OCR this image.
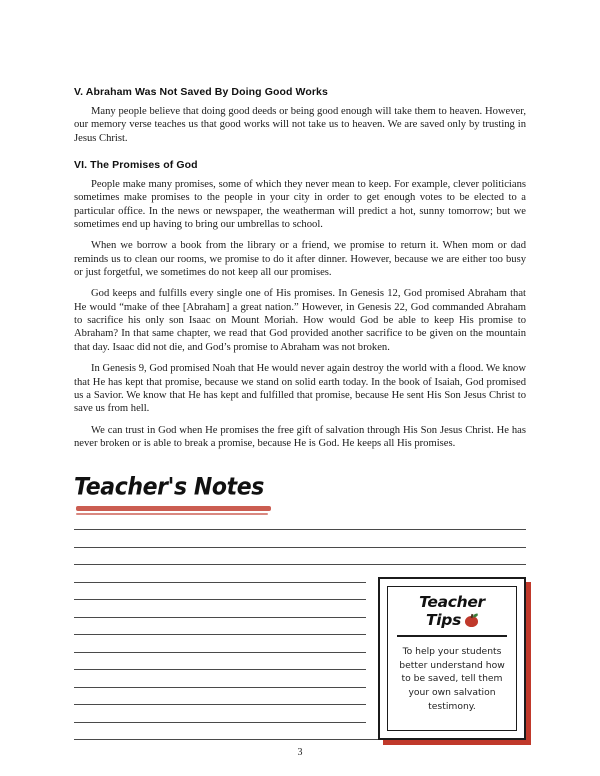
V. Abraham Was Not Saved By Doing Good Works

Many people believe that doing good deeds or being good enough will take them to heaven. However, our memory verse teaches us that good works will not take us to heaven. We are saved only by trusting in Jesus Christ.

VI. The Promises of God

People make many promises, some of which they never mean to keep. For example, clever politicians sometimes make promises to the people in your city in order to get enough votes to be elected to a particular office. In the news or newspaper, the weatherman will predict a hot, sunny tomorrow; but we sometimes end up having to bring our umbrellas to school.

When we borrow a book from the library or a friend, we promise to return it. When mom or dad reminds us to clean our rooms, we promise to do it after dinner. However, because we are either too busy or just forgetful, we sometimes do not keep all our promises.

God keeps and fulfills every single one of His promises. In Genesis 12, God promised Abraham that He would “make of thee [Abraham] a great nation.” However, in Genesis 22, God commanded Abraham to sacrifice his only son Isaac on Mount Moriah. How would God be able to keep His promise to Abraham? In that same chapter, we read that God provided another sacrifice to be given on the mountain that day. Isaac did not die, and God’s promise to Abraham was not broken.

In Genesis 9, God promised Noah that He would never again destroy the world with a flood. We know that He has kept that promise, because we stand on solid earth today. In the book of Isaiah, God promised us a Savior. We know that He has kept and fulfilled that promise, because He sent His Son Jesus Christ to save us from hell.

We can trust in God when He promises the free gift of salvation through His Son Jesus Christ. He has never broken or is able to break a promise, because He is God. He keeps all His promises.

Teacher's Notes
Teacher
Tips
To help your students
better understand how
to be saved, tell them
your own salvation
testimony.
3
